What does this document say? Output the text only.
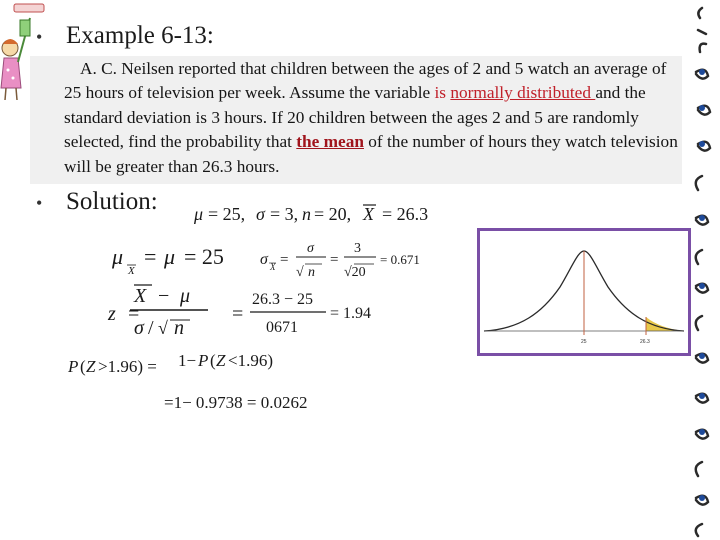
• Example 6-13:
A. C. Neilsen reported that children between the ages of 2 and 5 watch an average of 25 hours of television per week. Assume the variable is normally distributed and the standard deviation is 3 hours. If 20 children between the ages 2 and 5 are randomly selected, find the probability that the mean of the number of hours they watch television will be greater than 26.3 hours.
• Solution: μ = 25, σ = 3, n = 20, X = 26.3
μ
X
= μ = 25 σ X =
σ
√ n
=
3
√20
= 0.671
z =
X − μ
σ / √ n
=
26.3 − 25
0671
= 1.94
P ( Z >1.96) = 1− P ( Z <1.96)
=1− 0.9738 = 0.0262
25	26.3
